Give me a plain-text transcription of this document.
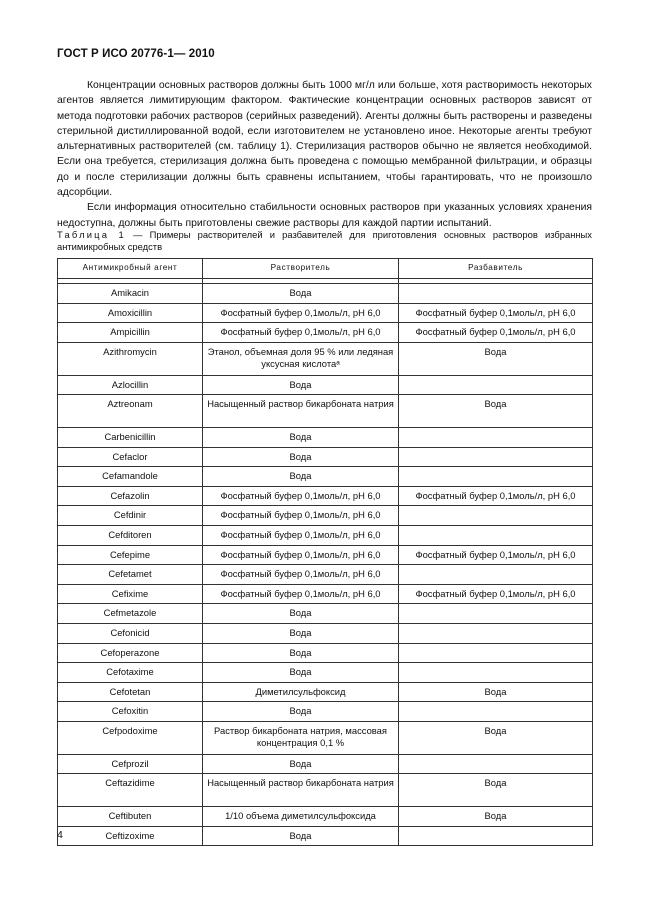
ГОСТ Р ИСО 20776-1— 2010

Концентрации основных растворов должны быть 1000 мг/л или больше, хотя растворимость некоторых агентов является лимитирующим фактором. Фактические концентрации основных растворов зависят от метода подготовки рабочих растворов (серийных разведений). Агенты должны быть растворены и разведены стерильной дистиллированной водой, если изготовителем не установлено иное. Некоторые агенты требуют альтернативных растворителей (см. таблицу 1). Стерилизация растворов обычно не является необходимой. Если она требуется, стерилизация должна быть проведена с помощью мембранной фильтрации, и образцы до и после стерилизации должны быть сравнены испытанием, чтобы гарантировать, что не произошло адсорбции.

Если информация относительно стабильности основных растворов при указанных условиях хранения недоступна, должны быть приготовлены свежие растворы для каждой партии испытаний.

Таблица 1 — Примеры растворителей и разбавителей для приготовления основных растворов избранных антимикробных средств
Антимикробный агент	Растворитель	Разбавитель

Amikacin	Вода	
Amoxicillin	Фосфатный буфер 0,1моль/л, pH 6,0	Фосфатный буфер 0,1моль/л, pH 6,0
Ampicillin	Фосфатный буфер 0,1моль/л, pH 6,0	Фосфатный буфер 0,1моль/л, pH 6,0
Azithromycin	Этанол, объемная доля 95 % или ледяная уксусная кислотаᵃ	Вода
Azlocillin	Вода	
Aztreonam	Насыщенный раствор бикарбоната натрия	Вода
Carbenicillin	Вода	
Cefaclor	Вода	
Cefamandole	Вода	
Cefazolin	Фосфатный буфер 0,1моль/л, pH 6,0	Фосфатный буфер 0,1моль/л, pH 6,0
Cefdinir	Фосфатный буфер 0,1моль/л, pH 6,0	
Cefditoren	Фосфатный буфер 0,1моль/л, pH 6,0	
Cefepime	Фосфатный буфер 0,1моль/л, pH 6,0	Фосфатный буфер 0,1моль/л, pH 6,0
Cefetamet	Фосфатный буфер 0,1моль/л, pH 6,0	
Cefixime	Фосфатный буфер 0,1моль/л, pH 6,0	Фосфатный буфер 0,1моль/л, pH 6,0
Cefmetazole	Вода	
Cefonicid	Вода	
Cefoperazone	Вода	
Cefotaxime	Вода	
Cefotetan	Диметилсульфоксид	Вода
Cefoxitin	Вода	
Cefpodoxime	Раствор бикарбоната натрия, массовая концентрация 0,1 %	Вода
Cefprozil	Вода	
Ceftazidime	Насыщенный раствор бикарбоната натрия	Вода
Ceftibuten	1/10 объема диметилсульфоксида	Вода
Ceftizoxime	Вода	
4
